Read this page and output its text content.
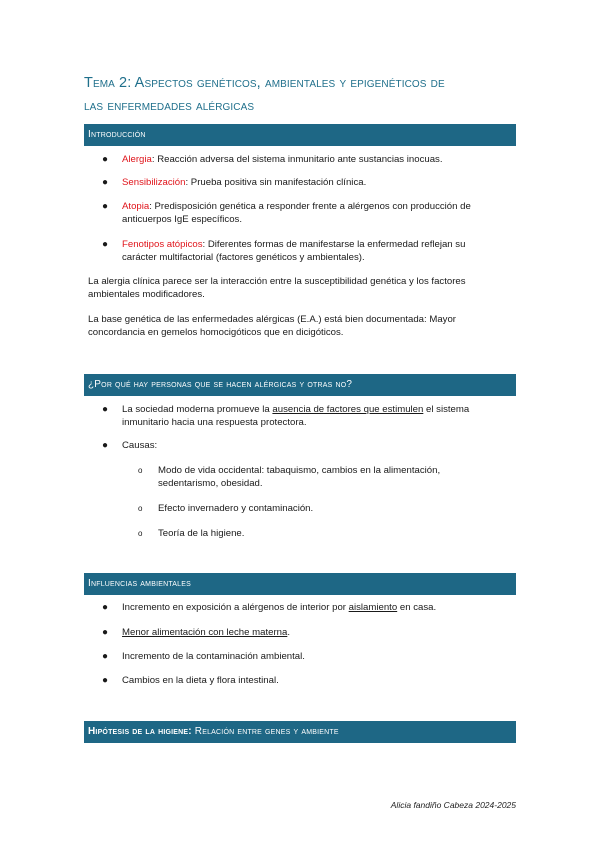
Tema 2: Aspectos genéticos, ambientales y epigenéticos de
las enfermedades alérgicas
Introducción
● Alergia: Reacción adversa del sistema inmunitario ante sustancias inocuas.
● Sensibilización: Prueba positiva sin manifestación clínica.
● Atopia: Predisposición genética a responder frente a alérgenos con producción de
anticuerpos IgE específicos.
● Fenotipos atópicos: Diferentes formas de manifestarse la enfermedad reflejan su
carácter multifactorial (factores genéticos y ambientales).
La alergia clínica parece ser la interacción entre la susceptibilidad genética y los factores
ambientales modificadores.
La base genética de las enfermedades alérgicas (E.A.) está bien documentada: Mayor
concordancia en gemelos homocigóticos que en dicigóticos.
¿Por qué hay personas que se hacen alérgicas y otras no?
● La sociedad moderna promueve la ausencia de factores que estimulen el sistema
inmunitario hacia una respuesta protectora.
● Causas:
o Modo de vida occidental: tabaquismo, cambios en la alimentación,
sedentarismo, obesidad.
o Efecto invernadero y contaminación.
o Teoría de la higiene.
Influencias ambientales
● Incremento en exposición a alérgenos de interior por aislamiento en casa.
● Menor alimentación con leche materna.
● Incremento de la contaminación ambiental.
● Cambios en la dieta y flora intestinal.
Hipótesis de la higiene: Relación entre genes y ambiente
Alicia fandiño Cabeza 2024-2025
